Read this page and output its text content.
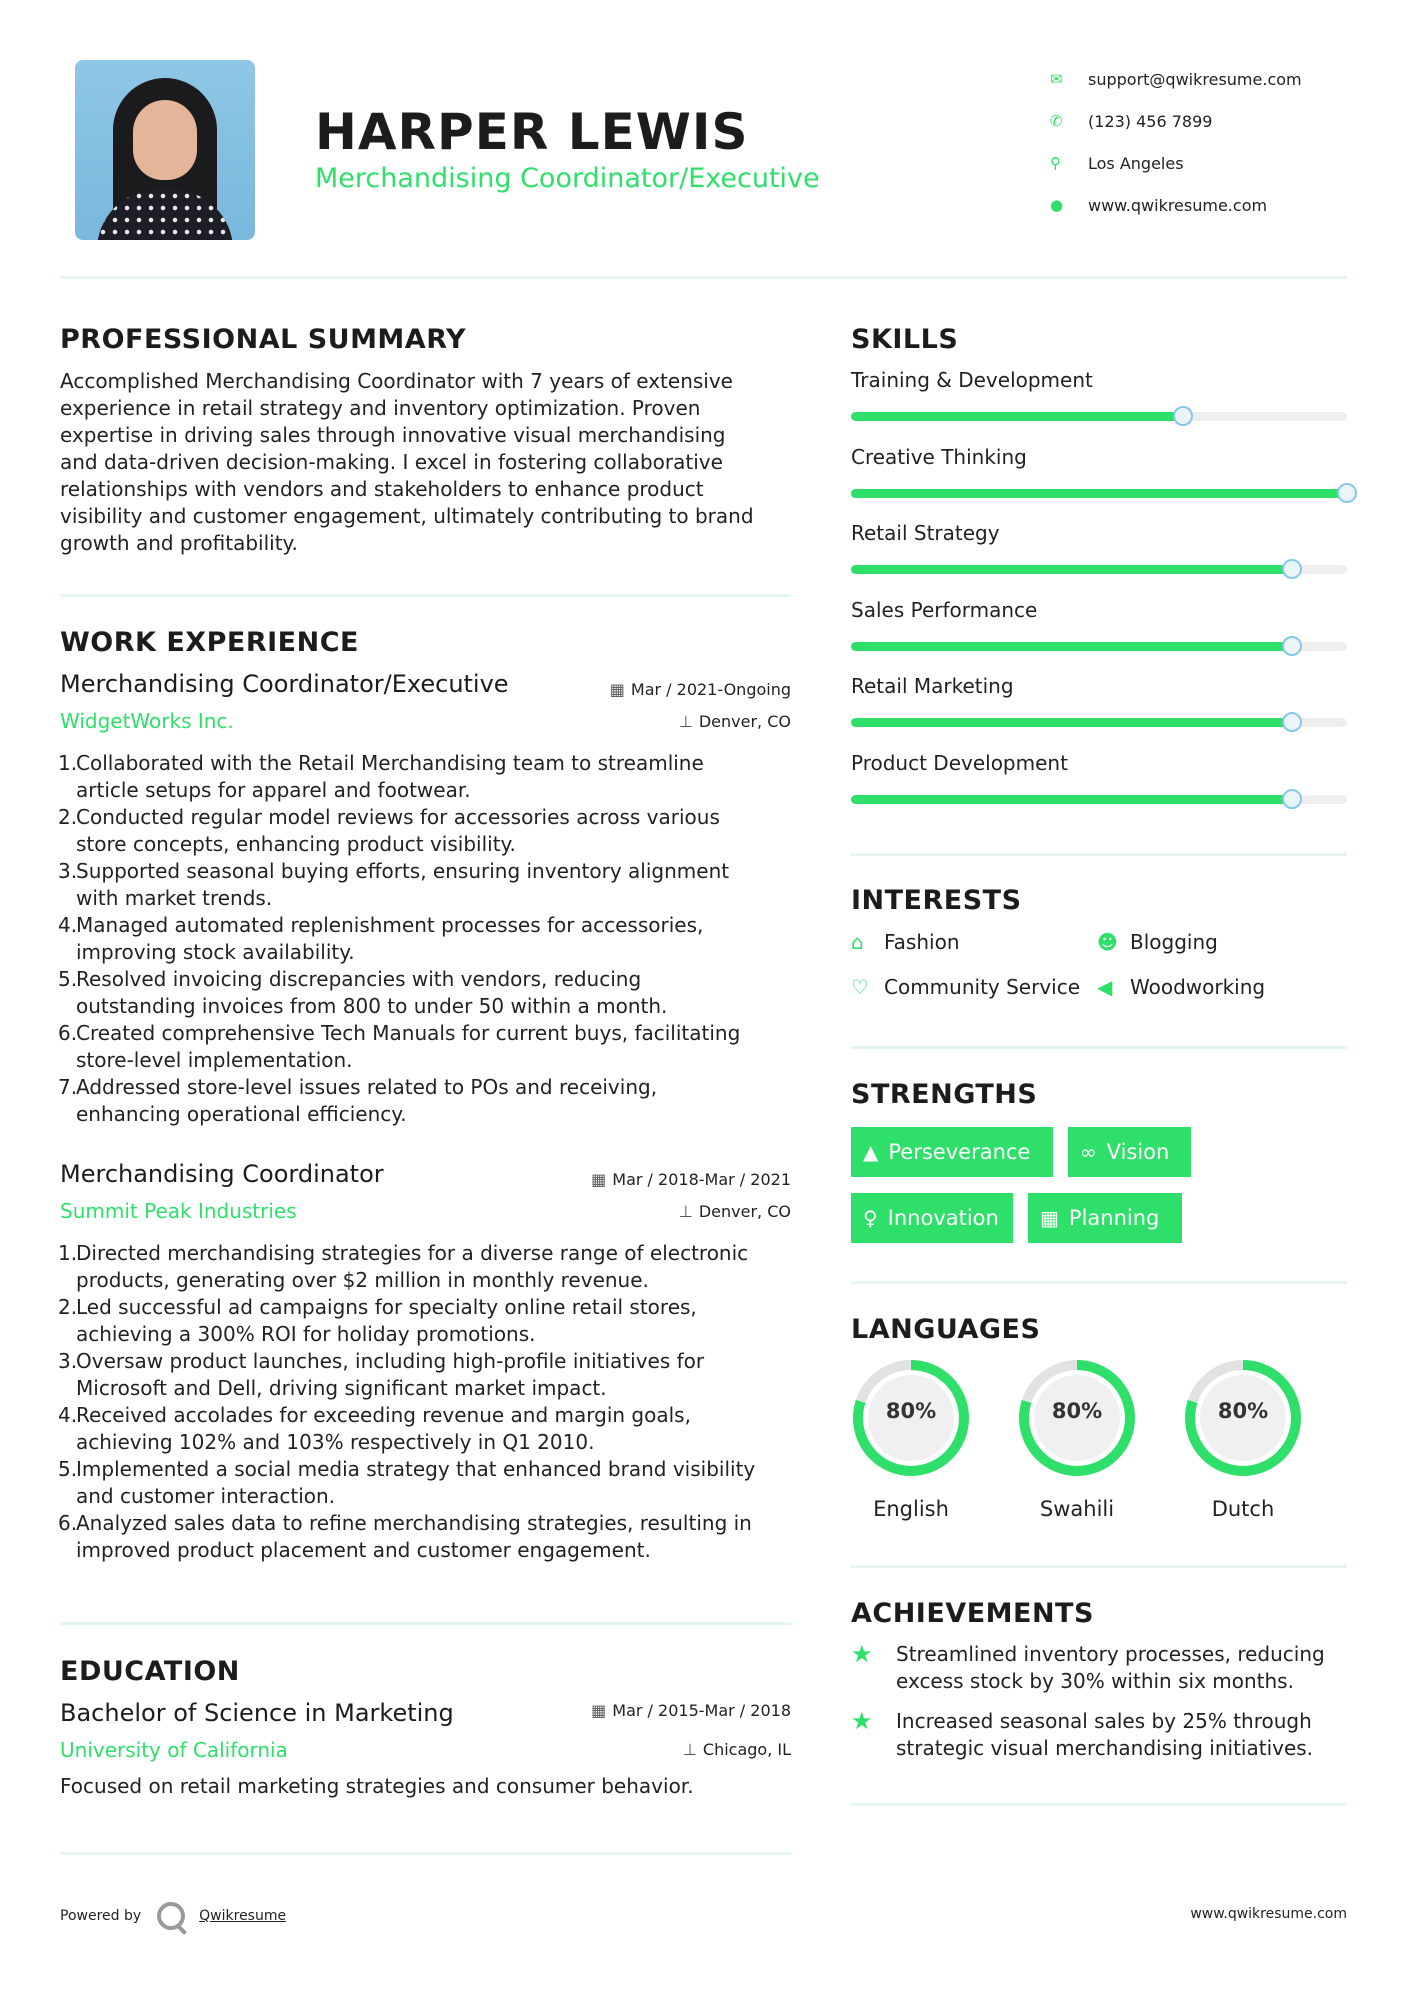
HARPER LEWIS
Merchandising Coordinator/Executive
✉	support@qwikresume.com
✆	(123) 456 7899
⚲	Los Angeles
●	www.qwikresume.com
PROFESSIONAL SUMMARY
Accomplished Merchandising Coordinator with 7 years of extensive
experience in retail strategy and inventory optimization. Proven
expertise in driving sales through innovative visual merchandising
and data-driven decision-making. I excel in fostering collaborative
relationships with vendors and stakeholders to enhance product
visibility and customer engagement, ultimately contributing to brand
growth and profitability.
WORK EXPERIENCE
Merchandising Coordinator/Executive	▦ Mar / 2021-Ongoing
WidgetWorks Inc.	⊥ Denver, CO
1.
Collaborated with the Retail Merchandising team to streamline
article setups for apparel and footwear.
2.
Conducted regular model reviews for accessories across various
store concepts, enhancing product visibility.
3.
Supported seasonal buying efforts, ensuring inventory alignment
with market trends.
4.
Managed automated replenishment processes for accessories,
improving stock availability.
5.
Resolved invoicing discrepancies with vendors, reducing
outstanding invoices from 800 to under 50 within a month.
6.
Created comprehensive Tech Manuals for current buys, facilitating
store-level implementation.
7.
Addressed store-level issues related to POs and receiving,
enhancing operational efficiency.
Merchandising Coordinator	▦ Mar / 2018-Mar / 2021
Summit Peak Industries	⊥ Denver, CO
1.
Directed merchandising strategies for a diverse range of electronic
products, generating over $2 million in monthly revenue.
2.
Led successful ad campaigns for specialty online retail stores,
achieving a 300% ROI for holiday promotions.
3.
Oversaw product launches, including high-profile initiatives for
Microsoft and Dell, driving significant market impact.
4.
Received accolades for exceeding revenue and margin goals,
achieving 102% and 103% respectively in Q1 2010.
5.
Implemented a social media strategy that enhanced brand visibility
and customer interaction.
6.
Analyzed sales data to refine merchandising strategies, resulting in
improved product placement and customer engagement.
EDUCATION
Bachelor of Science in Marketing	▦ Mar / 2015-Mar / 2018
University of California	⊥ Chicago, IL
Focused on retail marketing strategies and consumer behavior.
SKILLS
Training & Development
Creative Thinking
Retail Strategy
Sales Performance
Retail Marketing
Product Development
INTERESTS
⌂	Fashion	☻ Blogging
♡ Community Service ◀ Woodworking
STRENGTHS
▲ Perseverance ∞ Vision
♀ Innovation ▦ Planning
LANGUAGES
80%
English
80%
Swahili
80%
Dutch
ACHIEVEMENTS
★	Streamlined inventory processes, reducing
excess stock by 30% within six months.
★	Increased seasonal sales by 25% through
strategic visual merchandising initiatives.
Powered by	Qwikresume	www.qwikresume.com
